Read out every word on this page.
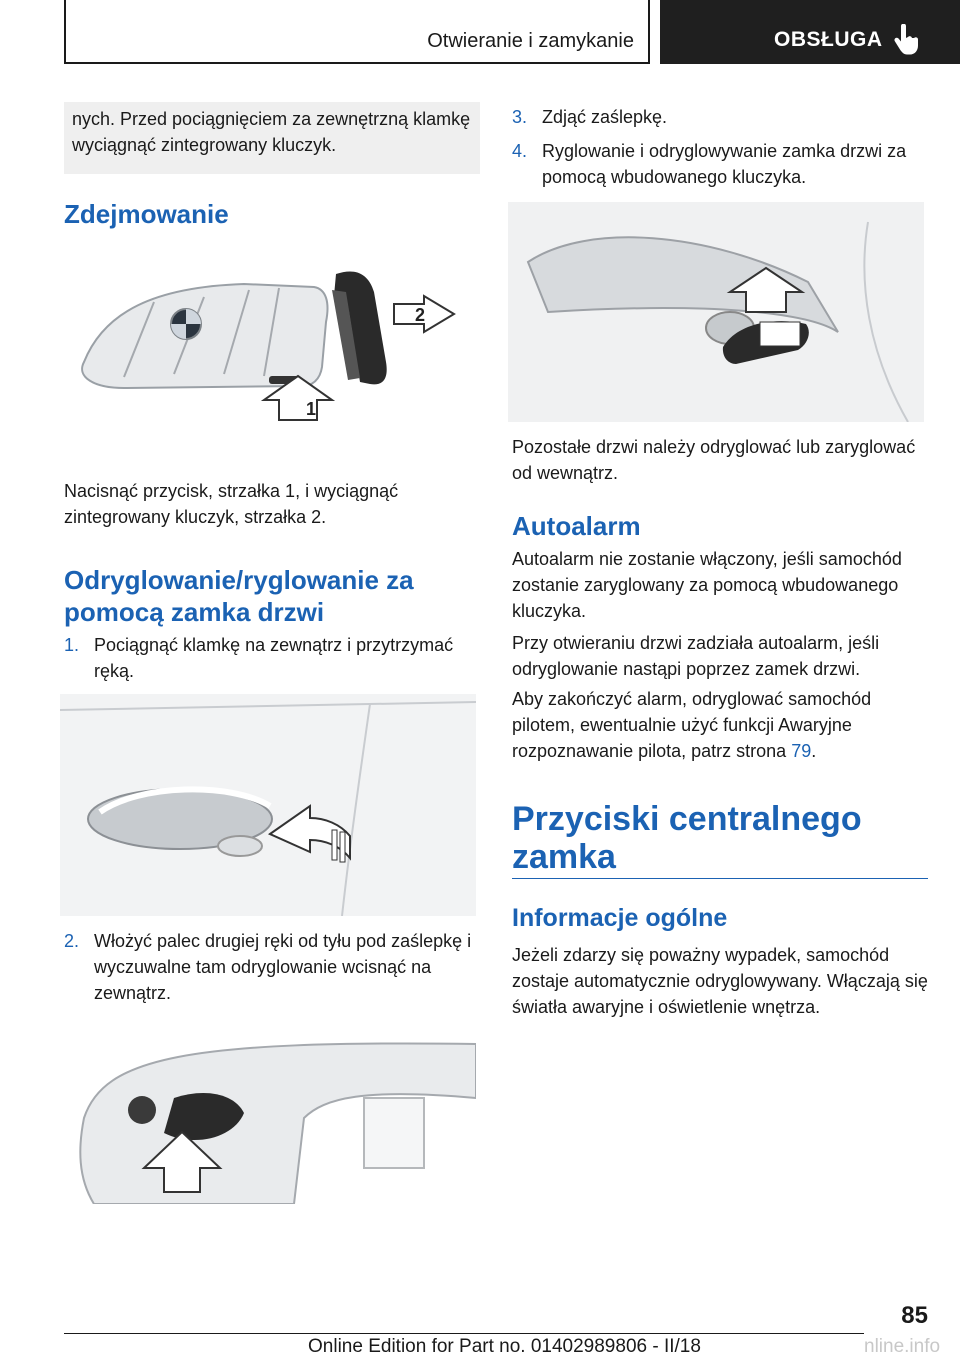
Otwieranie i zamykanie	OBSŁUGA
nych. Przed pociągnięciem za zewnętrzną klamkę wyciągnąć zintegrowany kluczyk.
Zdejmowanie
2
1
Nacisnąć przycisk, strzałka 1, i wyciągnąć zintegrowany kluczyk, strzałka 2.
Odryglowanie/ryglowanie za pomocą zamka drzwi
1. Pociągnąć klamkę na zewnątrz i przytrzymać ręką.
2. Włożyć palec drugiej ręki od tyłu pod zaślepkę i wyczuwalne tam odryglowanie wcisnąć na zewnątrz.
3. Zdjąć zaślepkę.
4. Ryglowanie i odryglowywanie zamka drzwi za pomocą wbudowanego kluczyka.
Pozostałe drzwi należy odryglować lub zaryglować od wewnątrz.
Autoalarm
Autoalarm nie zostanie włączony, jeśli samochód zostanie zaryglowany za pomocą wbudowanego kluczyka.
Przy otwieraniu drzwi zadziała autoalarm, jeśli odryglowanie nastąpi poprzez zamek drzwi.
Aby zakończyć alarm, odryglować samochód pilotem, ewentualnie użyć funkcji Awaryjne rozpoznawanie pilota, patrz strona 79.
Przyciski centralnego zamka
Informacje ogólne
Jeżeli zdarzy się poważny wypadek, samochód zostaje automatycznie odryglowywany. Włączają się światła awaryjne i oświetlenie wnętrza.
85
Online Edition for Part no. 01402989806 - II/18	nline.info
